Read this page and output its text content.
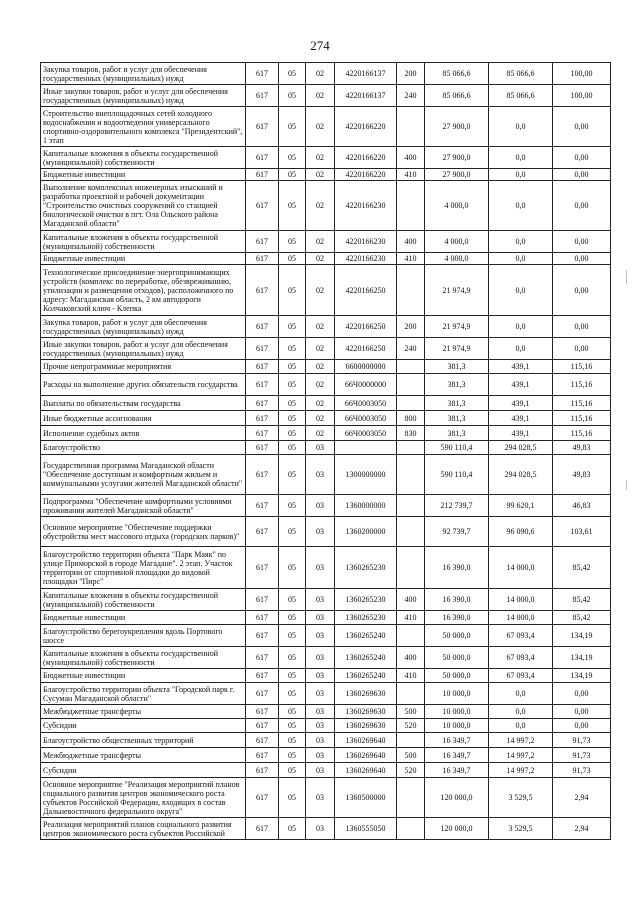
274
Закупка товаров, работ и услуг для обеспечения государственных (муниципальных) нужд	617	05	02	4220166137	200	85 066,6	85 066,6	100,00
Иные закупки товаров, работ и услуг для обеспечения государственных (муниципальных) нужд	617	05	02	4220166137	240	85 066,6	85 066,6	100,00
Строительство внеплощадочных сетей холодного водоснабжения и водоотведения универсального спортивно-оздоровительного комплекса "Президентский", 1 этап	617	05	02	4220166220		27 900,0	0,0	0,00
Капитальные вложения в объекты государственной (муниципальной) собственности	617	05	02	4220166220	400	27 900,0	0,0	0,00
Бюджетные инвестиции	617	05	02	4220166220	410	27 900,0	0,0	0,00
Выполнение комплексных инженерных изысканий и разработка проектной и рабочей документации "Строительство очистных сооружений со станцией биологической очистки в пгт. Ола Ольского района Магаданской области"	617	05	02	4220166230		4 000,0	0,0	0,00
Капитальные вложения в объекты государственной (муниципальной) собственности	617	05	02	4220166230	400	4 000,0	0,0	0,00
Бюджетные инвестиции	617	05	02	4220166230	410	4 000,0	0,0	0,00
Технологическое присоединение энергопринимающих устройств (комплекс по переработке, обезвреживанию, утилизации и размещения отходов), расположенного по адресу: Магаданская область, 2 км автодороги Колчаковский ключ - Клепка	617	05	02	4220166250		21 974,9	0,0	0,00
Закупка товаров, работ и услуг для обеспечения государственных (муниципальных) нужд	617	05	02	4220166250	200	21 974,9	0,0	0,00
Иные закупки товаров, работ и услуг для обеспечения государственных (муниципальных) нужд	617	05	02	4220166250	240	21 974,9	0,0	0,00
Прочие непрограммные мероприятия	617	05	02	6600000000		381,3	439,1	115,16
Расходы на выполнение других обязательств государства	617	05	02	66Ч0000000		381,3	439,1	115,16
Выплаты по обязательствам государства	617	05	02	66Ч0003050		381,3	439,1	115,16
Иные бюджетные ассигнования	617	05	02	66Ч0003050	800	381,3	439,1	115,16
Исполнение судебных актов	617	05	02	66Ч0003050	830	381,3	439,1	115,16
Благоустройство	617	05	03			590 110,4	294 028,5	49,83
Государственная программа Магаданской области "Обеспечение доступным и комфортным жильем и коммунальными услугами жителей Магаданской области"	617	05	03	1300000000		590 110,4	294 028,5	49,83
Подпрограмма "Обеспечение комфортными условиями проживания жителей Магаданской области"	617	05	03	1360000000		212 739,7	99 620,1	46,83
Основное мероприятие "Обеспечение поддержки обустройства мест массового отдыха (городских парков)"	617	05	03	1360200000		92 739,7	96 090,6	103,61
Благоустройство территории объекта "Парк Маяк" по улице Приморской в городе Магадане". 2 этап. Участок территории от спортивной площадки до видовой площадки "Пирс"	617	05	03	1360265230		16 390,0	14 000,0	85,42
Капитальные вложения в объекты государственной (муниципальной) собственности	617	05	03	1360265230	400	16 390,0	14 000,0	85,42
Бюджетные инвестиции	617	05	03	1360265230	410	16 390,0	14 000,0	85,42
Благоустройство берегоукрепления вдоль Портового шоссе	617	05	03	1360265240		50 000,0	67 093,4	134,19
Капитальные вложения в объекты государственной (муниципальной) собственности	617	05	03	1360265240	400	50 000,0	67 093,4	134,19
Бюджетные инвестиции	617	05	03	1360265240	410	50 000,0	67 093,4	134,19
Благоустройство территории объекта "Городской парк г. Сусуман Магаданской области"	617	05	03	1360269630		10 000,0	0,0	0,00
Межбюджетные трансферты	617	05	03	1360269630	500	10 000,0	0,0	0,00
Субсидии	617	05	03	1360269630	520	10 000,0	0,0	0,00
Благоустройство общественных территорий	617	05	03	1360269640		16 349,7	14 997,2	91,73
Межбюджетные трансферты	617	05	03	1360269640	500	16 349,7	14 997,2	91,73
Субсидии	617	05	03	1360269640	520	16 349,7	14 997,2	91,73
Основное мероприятие "Реализация мероприятий планов социального развития центров экономического роста субъектов Российской Федерации, входящих в состав Дальневосточного федерального округа"	617	05	03	1360500000		120 000,0	3 529,5	2,94
Реализация мероприятий планов социального развития центров экономического роста субъектов Российской	617	05	03	1360555050		120 000,0	3 529,5	2,94
